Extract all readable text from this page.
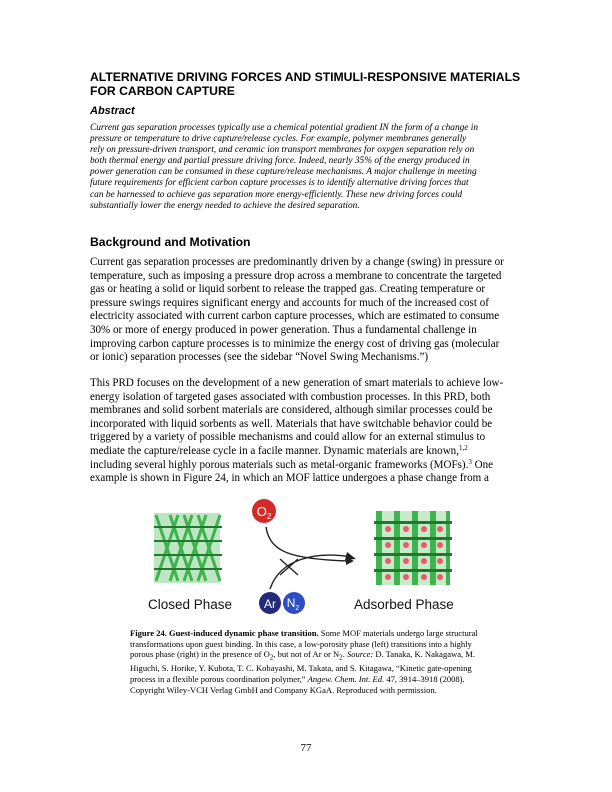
ALTERNATIVE DRIVING FORCES AND STIMULI-RESPONSIVE MATERIALS FOR CARBON CAPTURE
Abstract
Current gas separation processes typically use a chemical potential gradient IN the form of a change in
pressure or temperature to drive capture/release cycles. For example, polymer membranes generally
rely on pressure-driven transport, and ceramic ion transport membranes for oxygen separation rely on
both thermal energy and partial pressure driving force. Indeed, nearly 35% of the energy produced in
power generation can be consumed in these capture/release mechanisms. A major challenge in meeting
future requirements for efficient carbon capture processes is to identify alternative driving forces that
can be harnessed to achieve gas separation more energy-efficiently. These new driving forces could
substantially lower the energy needed to achieve the desired separation.
Background and Motivation
Current gas separation processes are predominantly driven by a change (swing) in pressure or
temperature, such as imposing a pressure drop across a membrane to concentrate the targeted
gas or heating a solid or liquid sorbent to release the trapped gas. Creating temperature or
pressure swings requires significant energy and accounts for much of the increased cost of
electricity associated with current carbon capture processes, which are estimated to consume
30% or more of energy produced in power generation. Thus a fundamental challenge in
improving carbon capture processes is to minimize the energy cost of driving gas (molecular
or ionic) separation processes (see the sidebar “Novel Swing Mechanisms.”)
This PRD focuses on the development of a new generation of smart materials to achieve low-
energy isolation of targeted gases associated with combustion processes. In this PRD, both
membranes and solid sorbent materials are considered, although similar processes could be
incorporated with liquid sorbents as well. Materials that have switchable behavior could be
triggered by a variety of possible mechanisms and could allow for an external stimulus to
mediate the capture/release cycle in a facile manner. Dynamic materials are known,$^{1,2}$
including several highly porous materials such as metal-organic frameworks (MOFs).$^3$ One
example is shown in Figure 24, in which an MOF lattice undergoes a phase change from a
$O_2$
Ar $N_2$
Closed Phase	Adsorbed Phase
Figure 24. Guest-induced dynamic phase transition. Some MOF materials undergo large structural transformations upon guest binding. In this case, a low-porosity phase (left) transitions into a highly porous phase (right) in the presence of $O_2$, but not of Ar or $N_2$. Source: D. Tanaka, K. Nakagawa, M. Higuchi, S. Horike, Y. Kubota, T. C. Kobayashi, M. Takata, and S. Kitagawa, “Kinetic gate-opening process in a flexible porous coordination polymer,” Angew. Chem. Int. Ed. 47, 3914–3918 (2008). Copyright Wiley-VCH Verlag GmbH and Company KGaA. Reproduced with permission.
77
